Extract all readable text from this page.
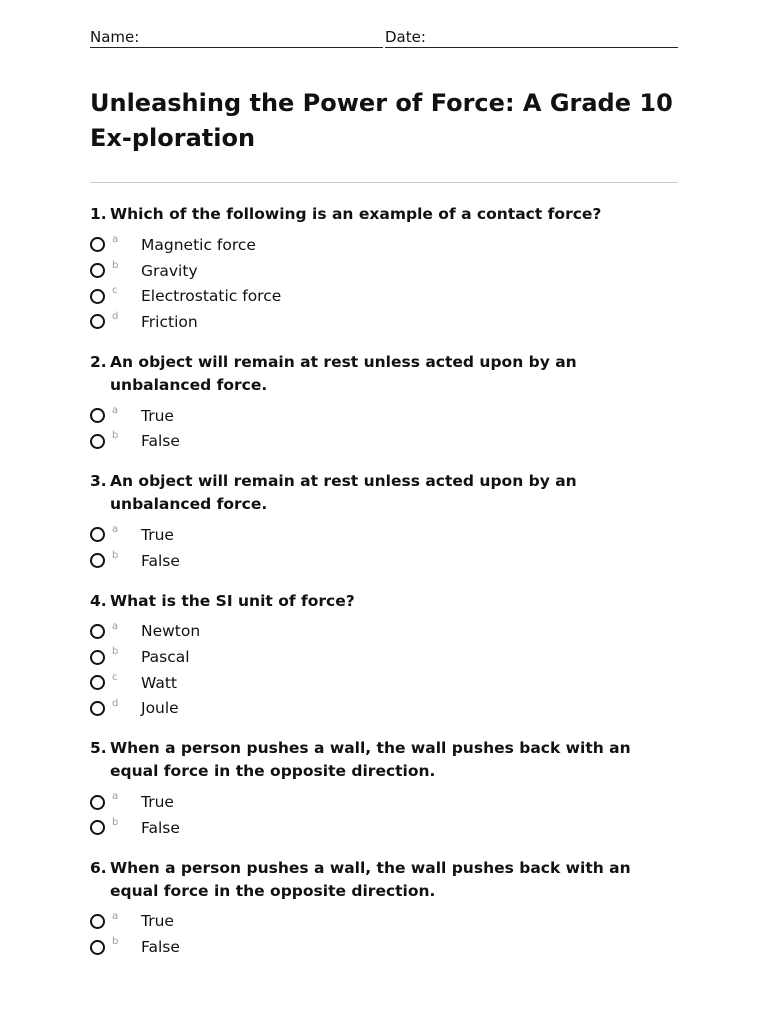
Name:	Date:
Unleashing the Power of Force: A Grade 10 Ex-ploration
1. Which of the following is an example of a contact force?
a Magnetic force
b Gravity
c Electrostatic force
d Friction
2. An object will remain at rest unless acted upon by an unbalanced force.
a True
b False
3. An object will remain at rest unless acted upon by an unbalanced force.
a True
b False
4. What is the SI unit of force?
a Newton
b Pascal
c Watt
d Joule
5. When a person pushes a wall, the wall pushes back with an equal force in the opposite direction.
a True
b False
6. When a person pushes a wall, the wall pushes back with an equal force in the opposite direction.
a True
b False
